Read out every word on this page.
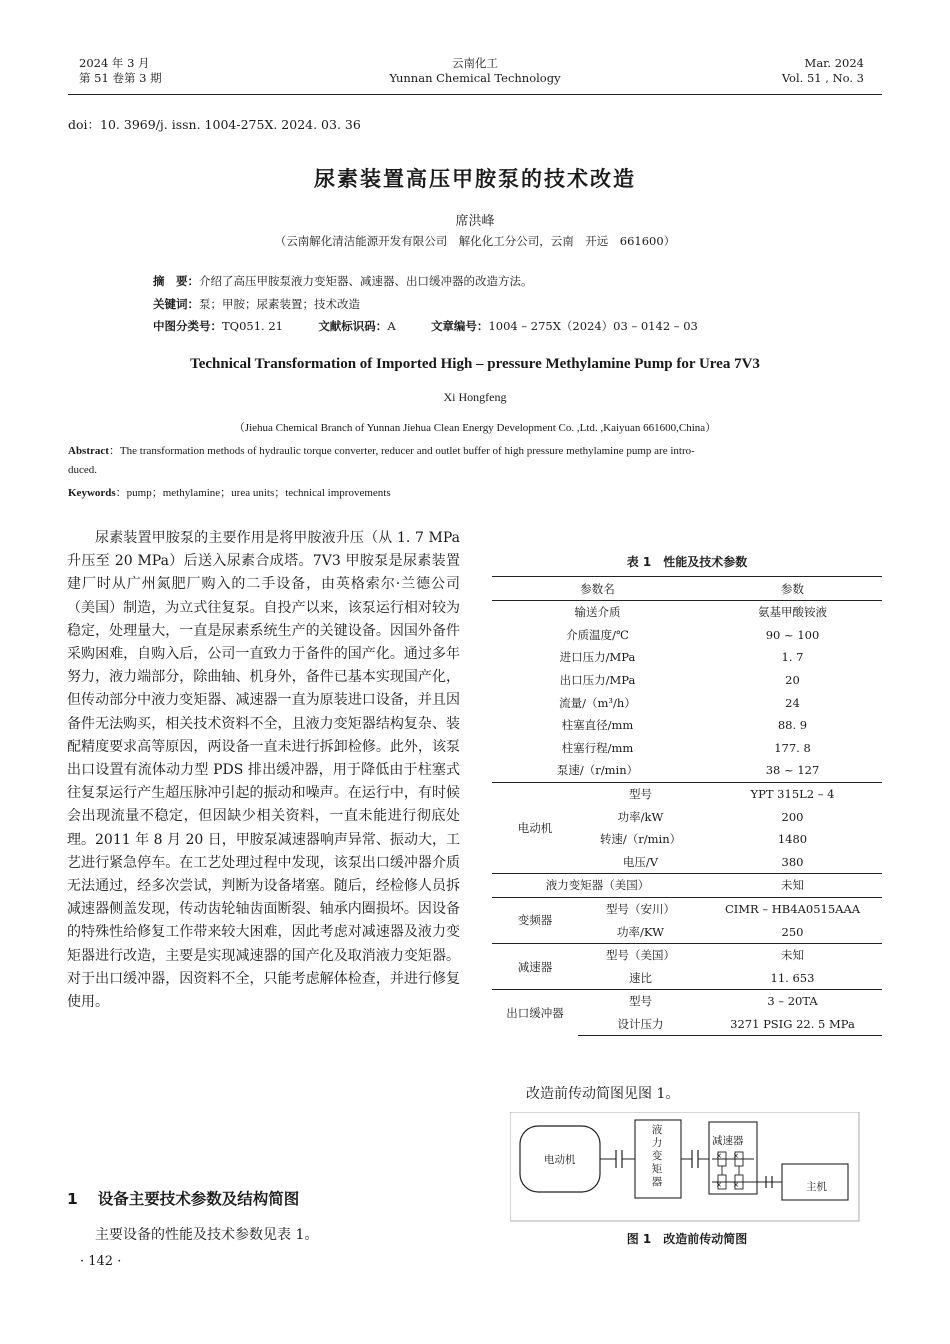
2024 年 3 月
第 51 卷第 3 期
云南化工
Yunnan Chemical Technology
Mar. 2024
Vol. 51 , No. 3
doi：10. 3969/j. issn. 1004-275X. 2024. 03. 36
尿素装置高压甲胺泵的技术改造
席洪峰
（云南解化清洁能源开发有限公司　解化化工分公司，云南　开远　661600）
摘　要：介绍了高压甲胺泵液力变矩器、减速器、出口缓冲器的改造方法。
关键词：泵；甲胺；尿素装置；技术改造
中图分类号：TQ051. 21	文献标识码：A	文章编号：1004 – 275X（2024）03 – 0142 – 03
Technical Transformation of Imported High – pressure Methylamine Pump for Urea 7V3
Xi Hongfeng
（Jiehua Chemical Branch of Yunnan Jiehua Clean Energy Development Co. ,Ltd. ,Kaiyuan 661600,China）
Abstract：The transformation methods of hydraulic torque converter, reducer and outlet buffer of high pressure methylamine pump are intro-
duced.
Keywords：pump；methylamine；urea units；technical improvements

尿素装置甲胺泵的主要作用是将甲胺液升压（从 1. 7 MPa 升压至 20 MPa）后送入尿素合成塔。7V3 甲胺泵是尿素装置建厂时从广州氮肥厂购入的二手设备，由英格索尔·兰德公司（美国）制造，为立式往复泵。自投产以来，该泵运行相对较为稳定，处理量大，一直是尿素系统生产的关键设备。因国外备件采购困难，自购入后，公司一直致力于备件的国产化。通过多年努力，液力端部分，除曲轴、机身外，备件已基本实现国产化，但传动部分中液力变矩器、减速器一直为原装进口设备，并且因备件无法购买，相关技术资料不全，且液力变矩器结构复杂、装配精度要求高等原因，两设备一直未进行拆卸检修。此外，该泵出口设置有流体动力型 PDS 排出缓冲器，用于降低由于柱塞式往复泵运行产生超压脉冲引起的振动和噪声。在运行中，有时候会出现流量不稳定，但因缺少相关资料，一直未能进行彻底处理。2011 年 8 月 20 日，甲胺泵减速器响声异常、振动大，工艺进行紧急停车。在工艺处理过程中发现，该泵出口缓冲器介质无法通过，经多次尝试，判断为设备堵塞。随后，经检修人员拆减速器侧盖发现，传动齿轮轴齿面断裂、轴承内圈损坏。因设备的特殊性给修复工作带来较大困难，因此考虑对减速器及液力变矩器进行改造，主要是实现减速器的国产化及取消液力变矩器。对于出口缓冲器，因资料不全，只能考虑解体检查，并进行修复使用。

1 设备主要技术参数及结构简图

主要设备的性能及技术参数见表 1。

· 142 ·
表 1　性能及技术参数
参数名		参数
输送介质		氨基甲酸铵液
介质温度/℃		90 ~ 100
进口压力/MPa		1. 7
出口压力/MPa		20
流量/（m³/h）		24
柱塞直径/mm		88. 9
柱塞行程/mm		177. 8
泵速/（r/min）		38 ~ 127
电动机	型号	YPT 315L2 – 4
	功率/kW	200
	转速/（r/min）	1480
	电压/V	380
液力变矩器（美国）		未知
变频器	型号（安川）	CIMR – HB4A0515AAA
	功率/KW	250
减速器	型号（美国）	未知
	速比	11. 653
出口缓冲器	型号	3 – 20TA
	设计压力	3271 PSIG 22. 5 MPa
改造前传动简图见图 1。
× ×
× ×
电动机
液力变矩器
减速器
主机
图 1　改造前传动简图
